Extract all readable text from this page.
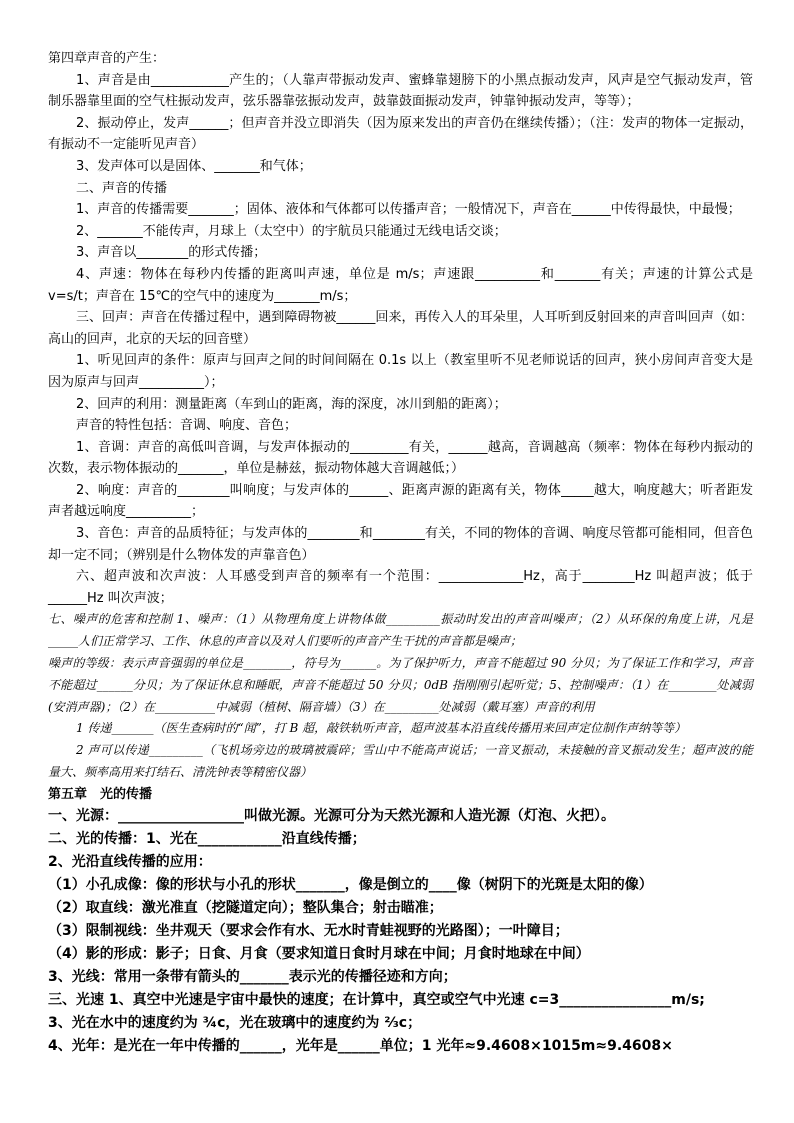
第四章声音的产生：

1、声音是由____________产生的；（人靠声带振动发声、蜜蜂靠翅膀下的小黑点振动发声，风声是空气振动发声，管制乐器靠里面的空气柱振动发声，弦乐器靠弦振动发声，鼓靠鼓面振动发声，钟靠钟振动发声，等等）；

2、振动停止，发声______；但声音并没立即消失（因为原来发出的声音仍在继续传播）；（注：发声的物体一定振动，有振动不一定能听见声音）

3、发声体可以是固体、_______和气体；

二、声音的传播

1、声音的传播需要_______；固体、液体和气体都可以传播声音；一般情况下，声音在______中传得最快，中最慢；

2、_______不能传声，月球上（太空中）的宇航员只能通过无线电话交谈；

3、声音以________的形式传播；

4、声速：物体在每秒内传播的距离叫声速，单位是 m/s；声速跟__________和_______有关；声速的计算公式是 v=s/t；声音在 15℃的空气中的速度为_______m/s；

三、回声：声音在传播过程中，遇到障碍物被______回来，再传入人的耳朵里，人耳听到反射回来的声音叫回声（如：高山的回声，北京的天坛的回音壁）

1、听见回声的条件：原声与回声之间的时间间隔在 0.1s 以上（教室里听不见老师说话的回声，狭小房间声音变大是因为原声与回声__________）；

2、回声的利用：测量距离（车到山的距离，海的深度，冰川到船的距离）；

声音的特性包括：音调、响度、音色；

1、音调：声音的高低叫音调，与发声体振动的_________有关，______越高，音调越高（频率：物体在每秒内振动的次数，表示物体振动的_______，单位是赫兹，振动物体越大音调越低；）

2、响度：声音的________叫响度；与发声体的______、距离声源的距离有关，物体_____越大，响度越大；听者距发声者越远响度__________；

3、音色：声音的品质特征；与发声体的________和________有关，不同的物体的音调、响度尽管都可能相同，但音色却一定不同；（辨别是什么物体发的声靠音色）

六、超声波和次声波：人耳感受到声音的频率有一个范围：_____________Hz，高于________Hz 叫超声波；低于______Hz 叫次声波；

七、噪声的危害和控制 1、噪声：（1）从物理角度上讲物体做_________振动时发出的声音叫噪声；（2）从环保的角度上讲，凡是_____人们正常学习、工作、休息的声音以及对人们要听的声音产生干扰的声音都是噪声；

噪声的等级：表示声音强弱的单位是________，符号为______。为了保护听力，声音不能超过 90 分贝；为了保证工作和学习，声音不能超过______分贝；为了保证休息和睡眠，声音不能超过 50 分贝；0dB 指刚刚引起听觉；5、控制噪声：（1）在________处减弱(安消声器)；（2）在__________中减弱（植树、隔音墙）（3）在_________处减弱（戴耳塞）声音的利用

1 传递_______（医生查病时的“闻”，打 B 超，敲铁轨听声音，超声波基本沿直线传播用来回声定位制作声纳等等）

2 声可以传递_________（飞机场旁边的玻璃被震碎；雪山中不能高声说话；一音叉振动，未接触的音叉振动发生；超声波的能量大、频率高用来打结石、清洗钟表等精密仪器）

第五章　光的传播

一、光源：__________________叫做光源。光源可分为天然光源和人造光源（灯泡、火把）。

二、光的传播：1、光在____________沿直线传播；

2、光沿直线传播的应用：

（1）小孔成像：像的形状与小孔的形状_______，像是倒立的____像（树阴下的光斑是太阳的像）

（2）取直线：激光准直（挖隧道定向）；整队集合；射击瞄准；

（3）限制视线：坐井观天（要求会作有水、无水时青蛙视野的光路图）；一叶障目；

（4）影的形成：影子；日食、月食（要求知道日食时月球在中间；月食时地球在中间）

3、光线：常用一条带有箭头的_______表示光的传播径迹和方向；

三、光速 1、真空中光速是宇宙中最快的速度；在计算中，真空或空气中光速 c=3________________m/s;

3、光在水中的速度约为 ¾c，光在玻璃中的速度约为 ⅔c；

4、光年：是光在一年中传播的______，光年是______单位；1 光年≈9.4608×1015m≈9.4608×
